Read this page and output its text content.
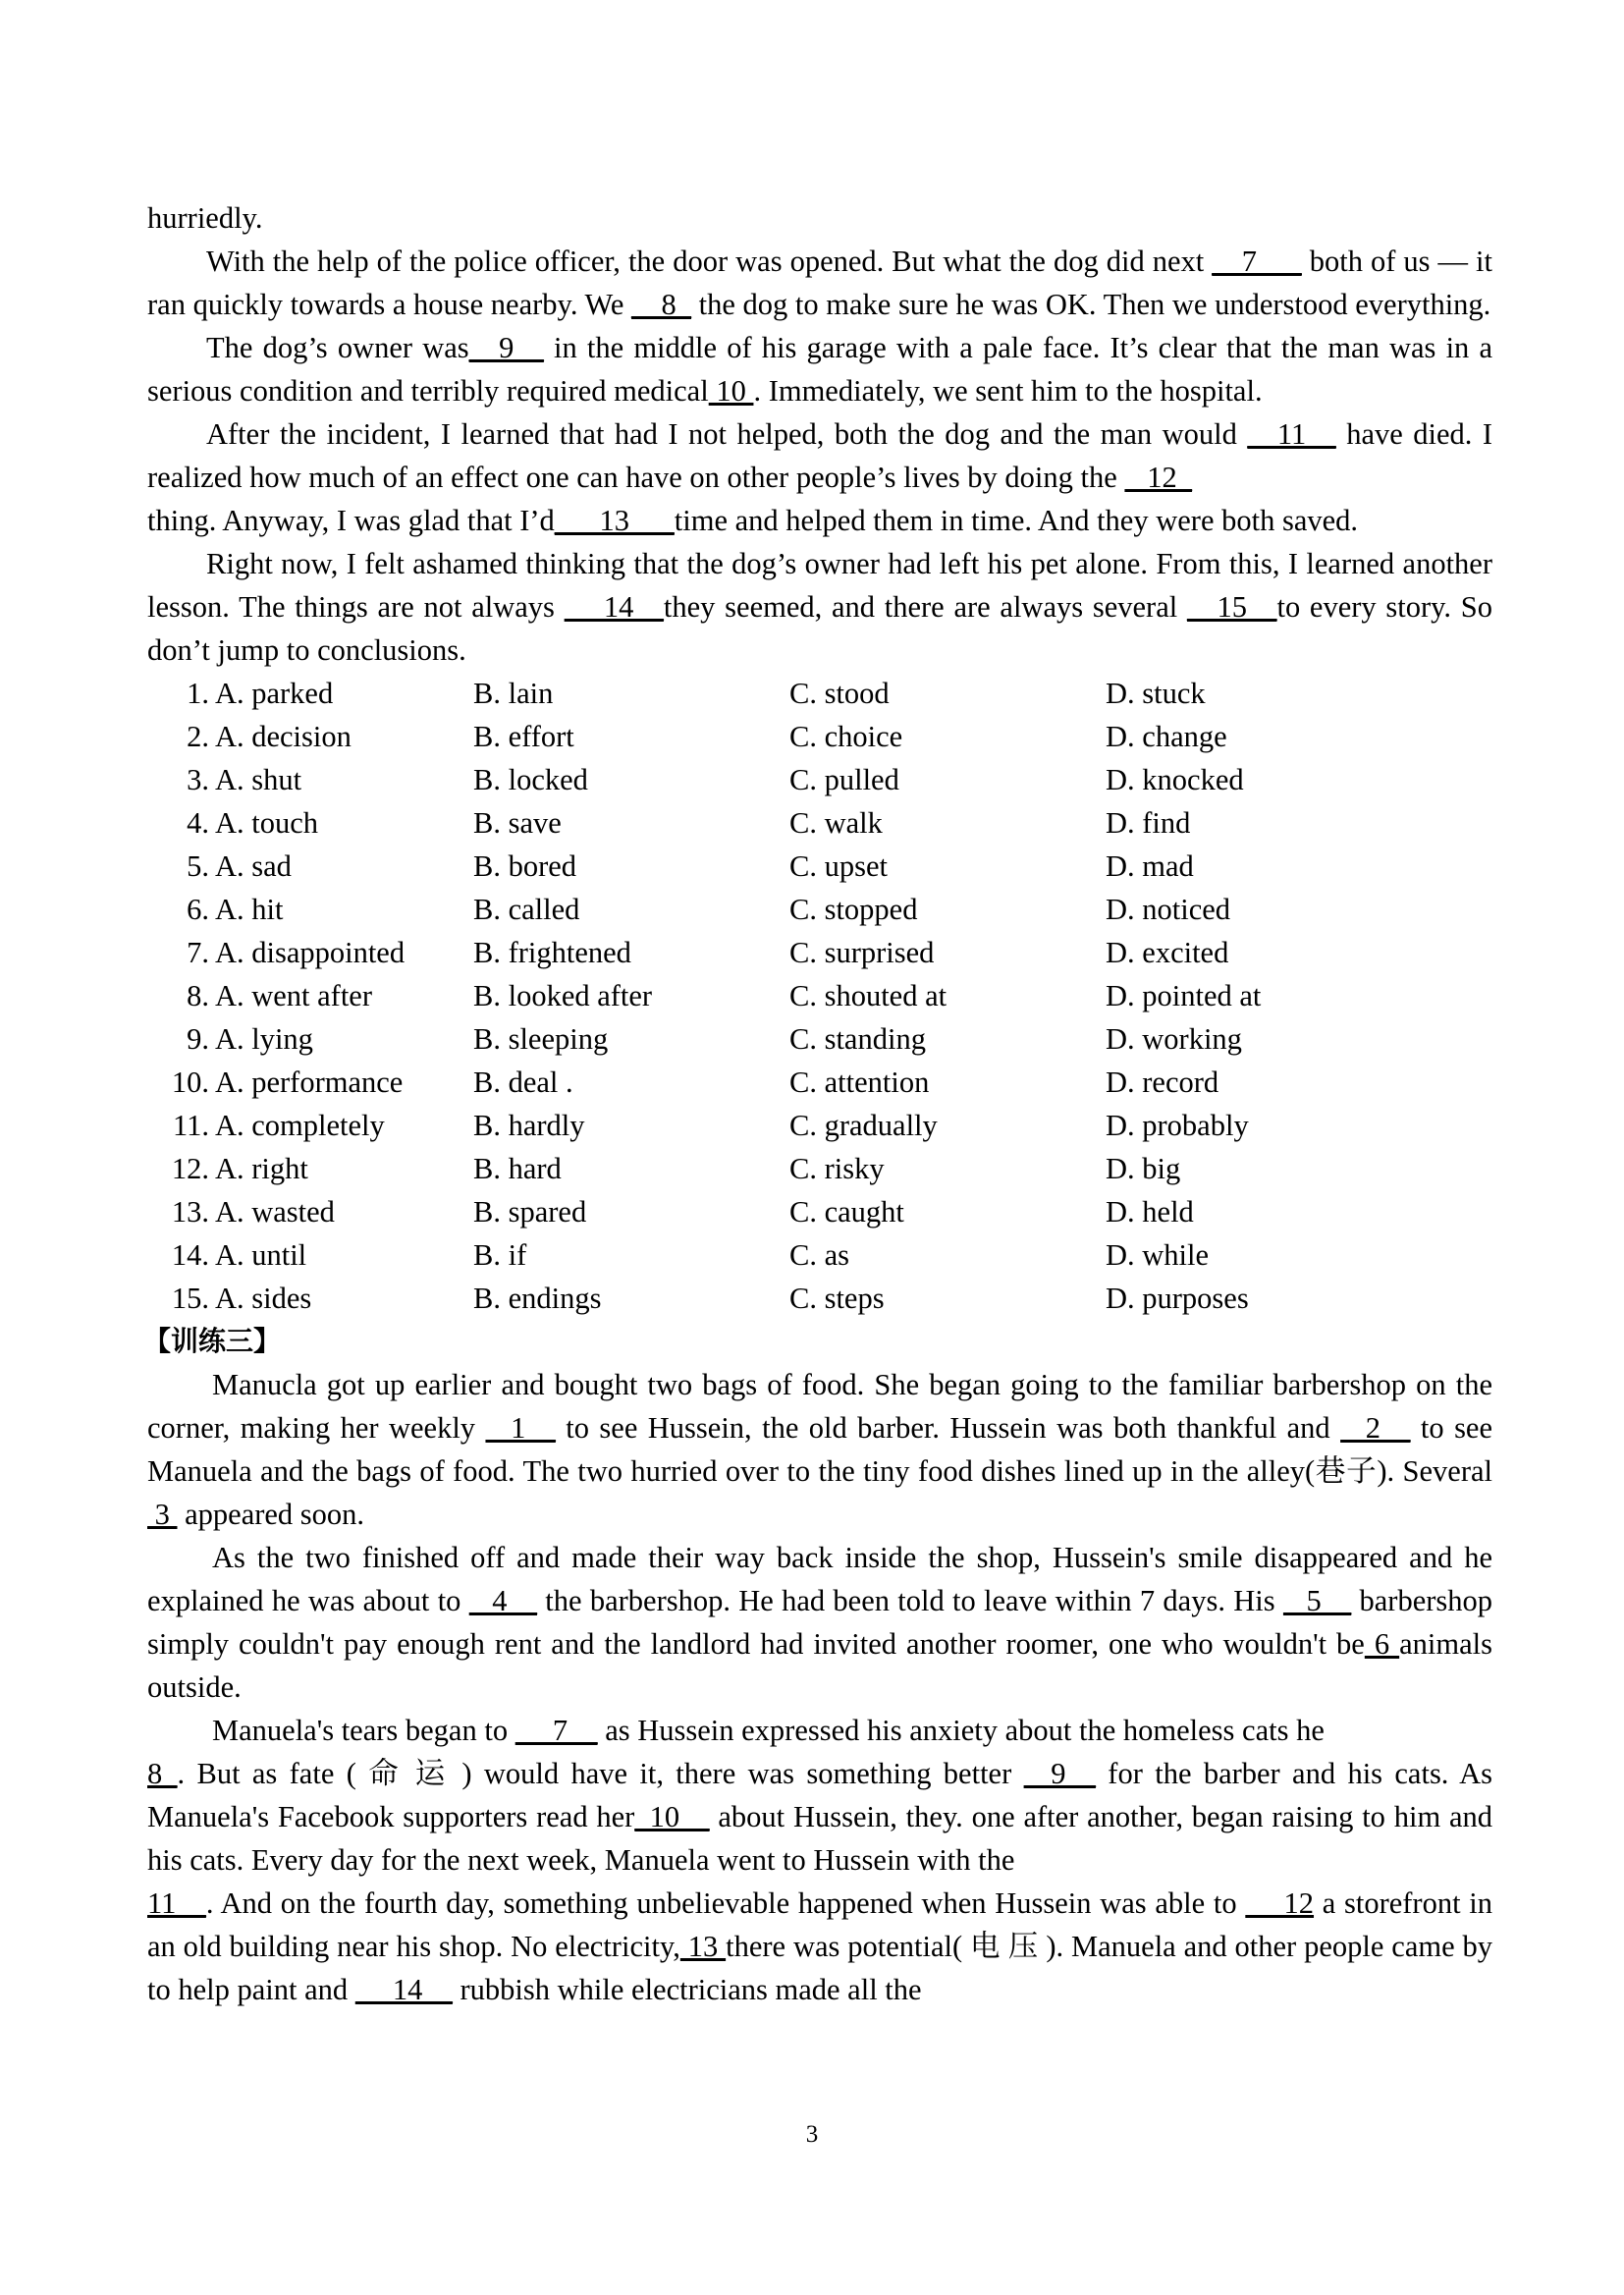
hurriedly.

With the help of the police officer, the door was opened. But what the dog did next __7___ both of us — it ran quickly towards a house nearby. We __8_ the dog to make sure he was OK. Then we understood everything.

The dog’s owner was__9__ in the middle of his garage with a pale face. It’s clear that the man was in a serious condition and terribly required medical 10 . Immediately, we sent him to the hospital.

After the incident, I learned that had I not helped, both the dog and the man would __11__ have died. I realized how much of an effect one can have on other people’s lives by doing the  _12_
thing. Anyway, I was glad that I’d___13___time and helped them in time. And they were both saved.

Right now, I felt ashamed thinking that the dog’s owner had left his pet alone. From this, I learned another lesson. The things are not always  __14__they seemed, and there are always several __15__to every story. So don’t jump to conclusions.

1. A. parked	B. lain	C. stood	D. stuck
2. A. decision	B. effort	C. choice	D. change
3. A. shut	B. locked	C. pulled	D. knocked
4. A. touch	B. save	C. walk	D. find
5. A. sad	B. bored	C. upset	D. mad
6. A. hit	B. called	C. stopped	D. noticed
7. A. disappointed	B. frightened	C. surprised	D. excited
8. A. went after	B. looked after	C. shouted at	D. pointed at
9. A. lying	B. sleeping	C. standing	D. working
10. A. performance	B. deal .	C. attention	D. record
11. A. completely	B. hardly	C. gradually	D. probably
12. A. right	B. hard	C. risky	D. big
13. A. wasted	B. spared	C. caught	D. held
14. A. until	B. if	C. as	D. while
15. A. sides	B. endings	C. steps	D. purposes

【训练三】

Manucla got up earlier and bought two bags of food. She began going to the familiar barbershop on the corner, making her weekly  _1__ to see Hussein, the old barber. Hussein was both thankful and  _2__ to see Manuela and the bags of food. The two hurried over to the tiny food dishes lined up in the alley(巷子). Several 3  appeared soon.

As the two finished off and made their way back inside the shop, Hussein's smile disappeared and he explained he was about to  _4__ the barbershop. He had been told to leave within 7 days. His  _5__ barbershop simply couldn't pay enough rent and the landlord had invited another roomer, one who wouldn't be 6 animals outside.

Manuela's tears began to  __7__ as Hussein expressed his anxiety about the homeless cats he
8_. But as fate ( 命 运 ) would have it, there was something better  _9__ for the barber and his cats. As Manuela's Facebook supporters read her_10__ about Hussein, they. one after another, began raising to him and his cats. Every day for the next week, Manuela went to Hussein with the
11__. And on the fourth day, something unbelievable happened when Hussein was able to  __12 a storefront in an old building near his shop. No electricity, 13 there was potential( 电 压 ). Manuela and other people came by to help paint and  __14__ rubbish while electricians made all the

3
